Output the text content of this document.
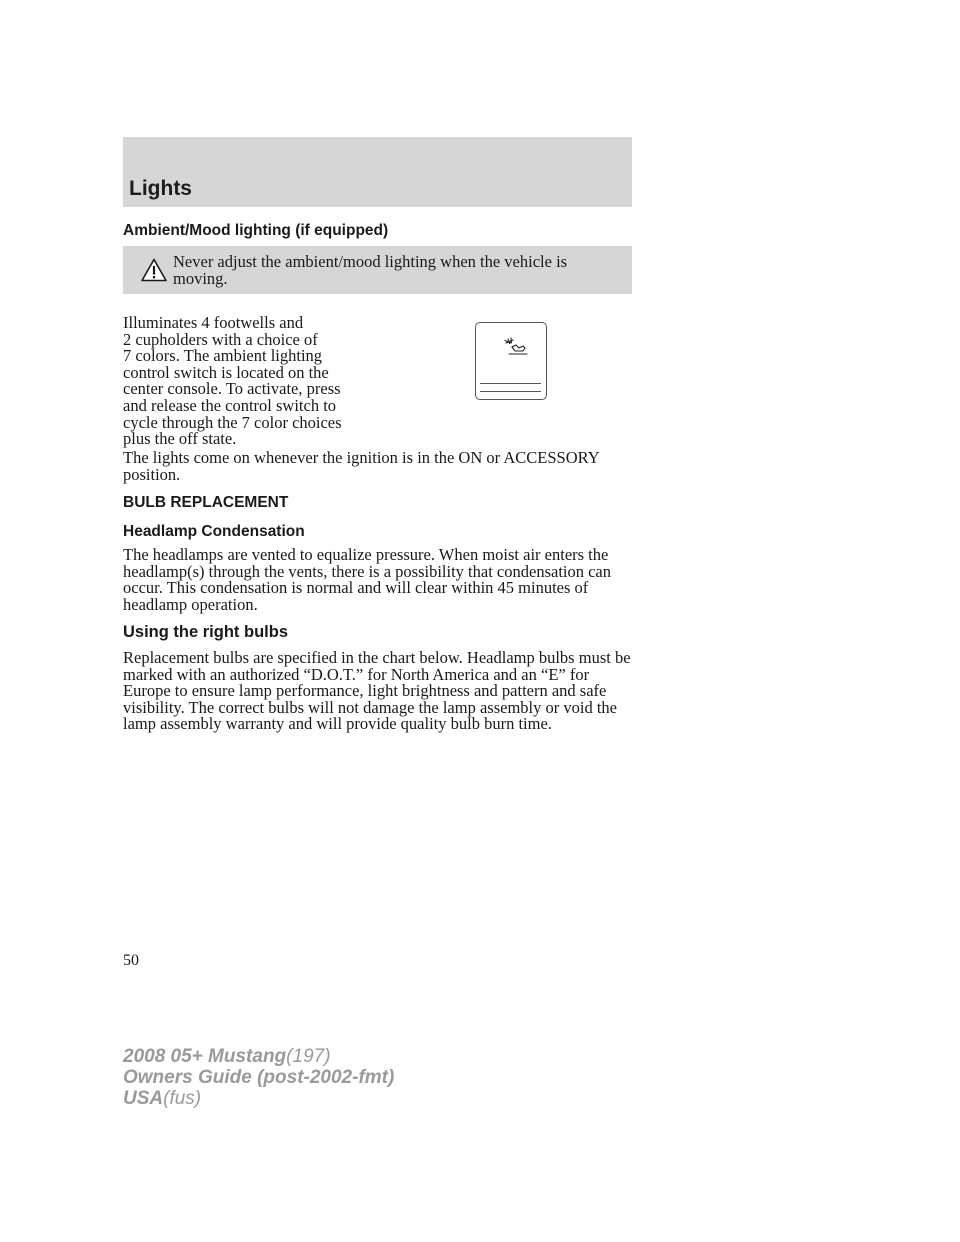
Lights
Ambient/Mood lighting (if equipped)

Never adjust the ambient/mood lighting when the vehicle is moving.

Illuminates 4 footwells and
2 cupholders with a choice of
7 colors. The ambient lighting
control switch is located on the
center console. To activate, press
and release the control switch to
cycle through the 7 color choices
plus the off state.

The lights come on whenever the ignition is in the ON or ACCESSORY position.

BULB REPLACEMENT
Headlamp Condensation

The headlamps are vented to equalize pressure. When moist air enters the headlamp(s) through the vents, there is a possibility that condensation can occur. This condensation is normal and will clear within 45 minutes of headlamp operation.

Using the right bulbs

Replacement bulbs are specified in the chart below. Headlamp bulbs must be marked with an authorized “D.O.T.” for North America and an “E” for Europe to ensure lamp performance, light brightness and pattern and safe visibility. The correct bulbs will not damage the lamp assembly or void the lamp assembly warranty and will provide quality bulb burn time.

50

2008 05+ Mustang(197)
Owners Guide (post-2002-fmt)
USA(fus)
